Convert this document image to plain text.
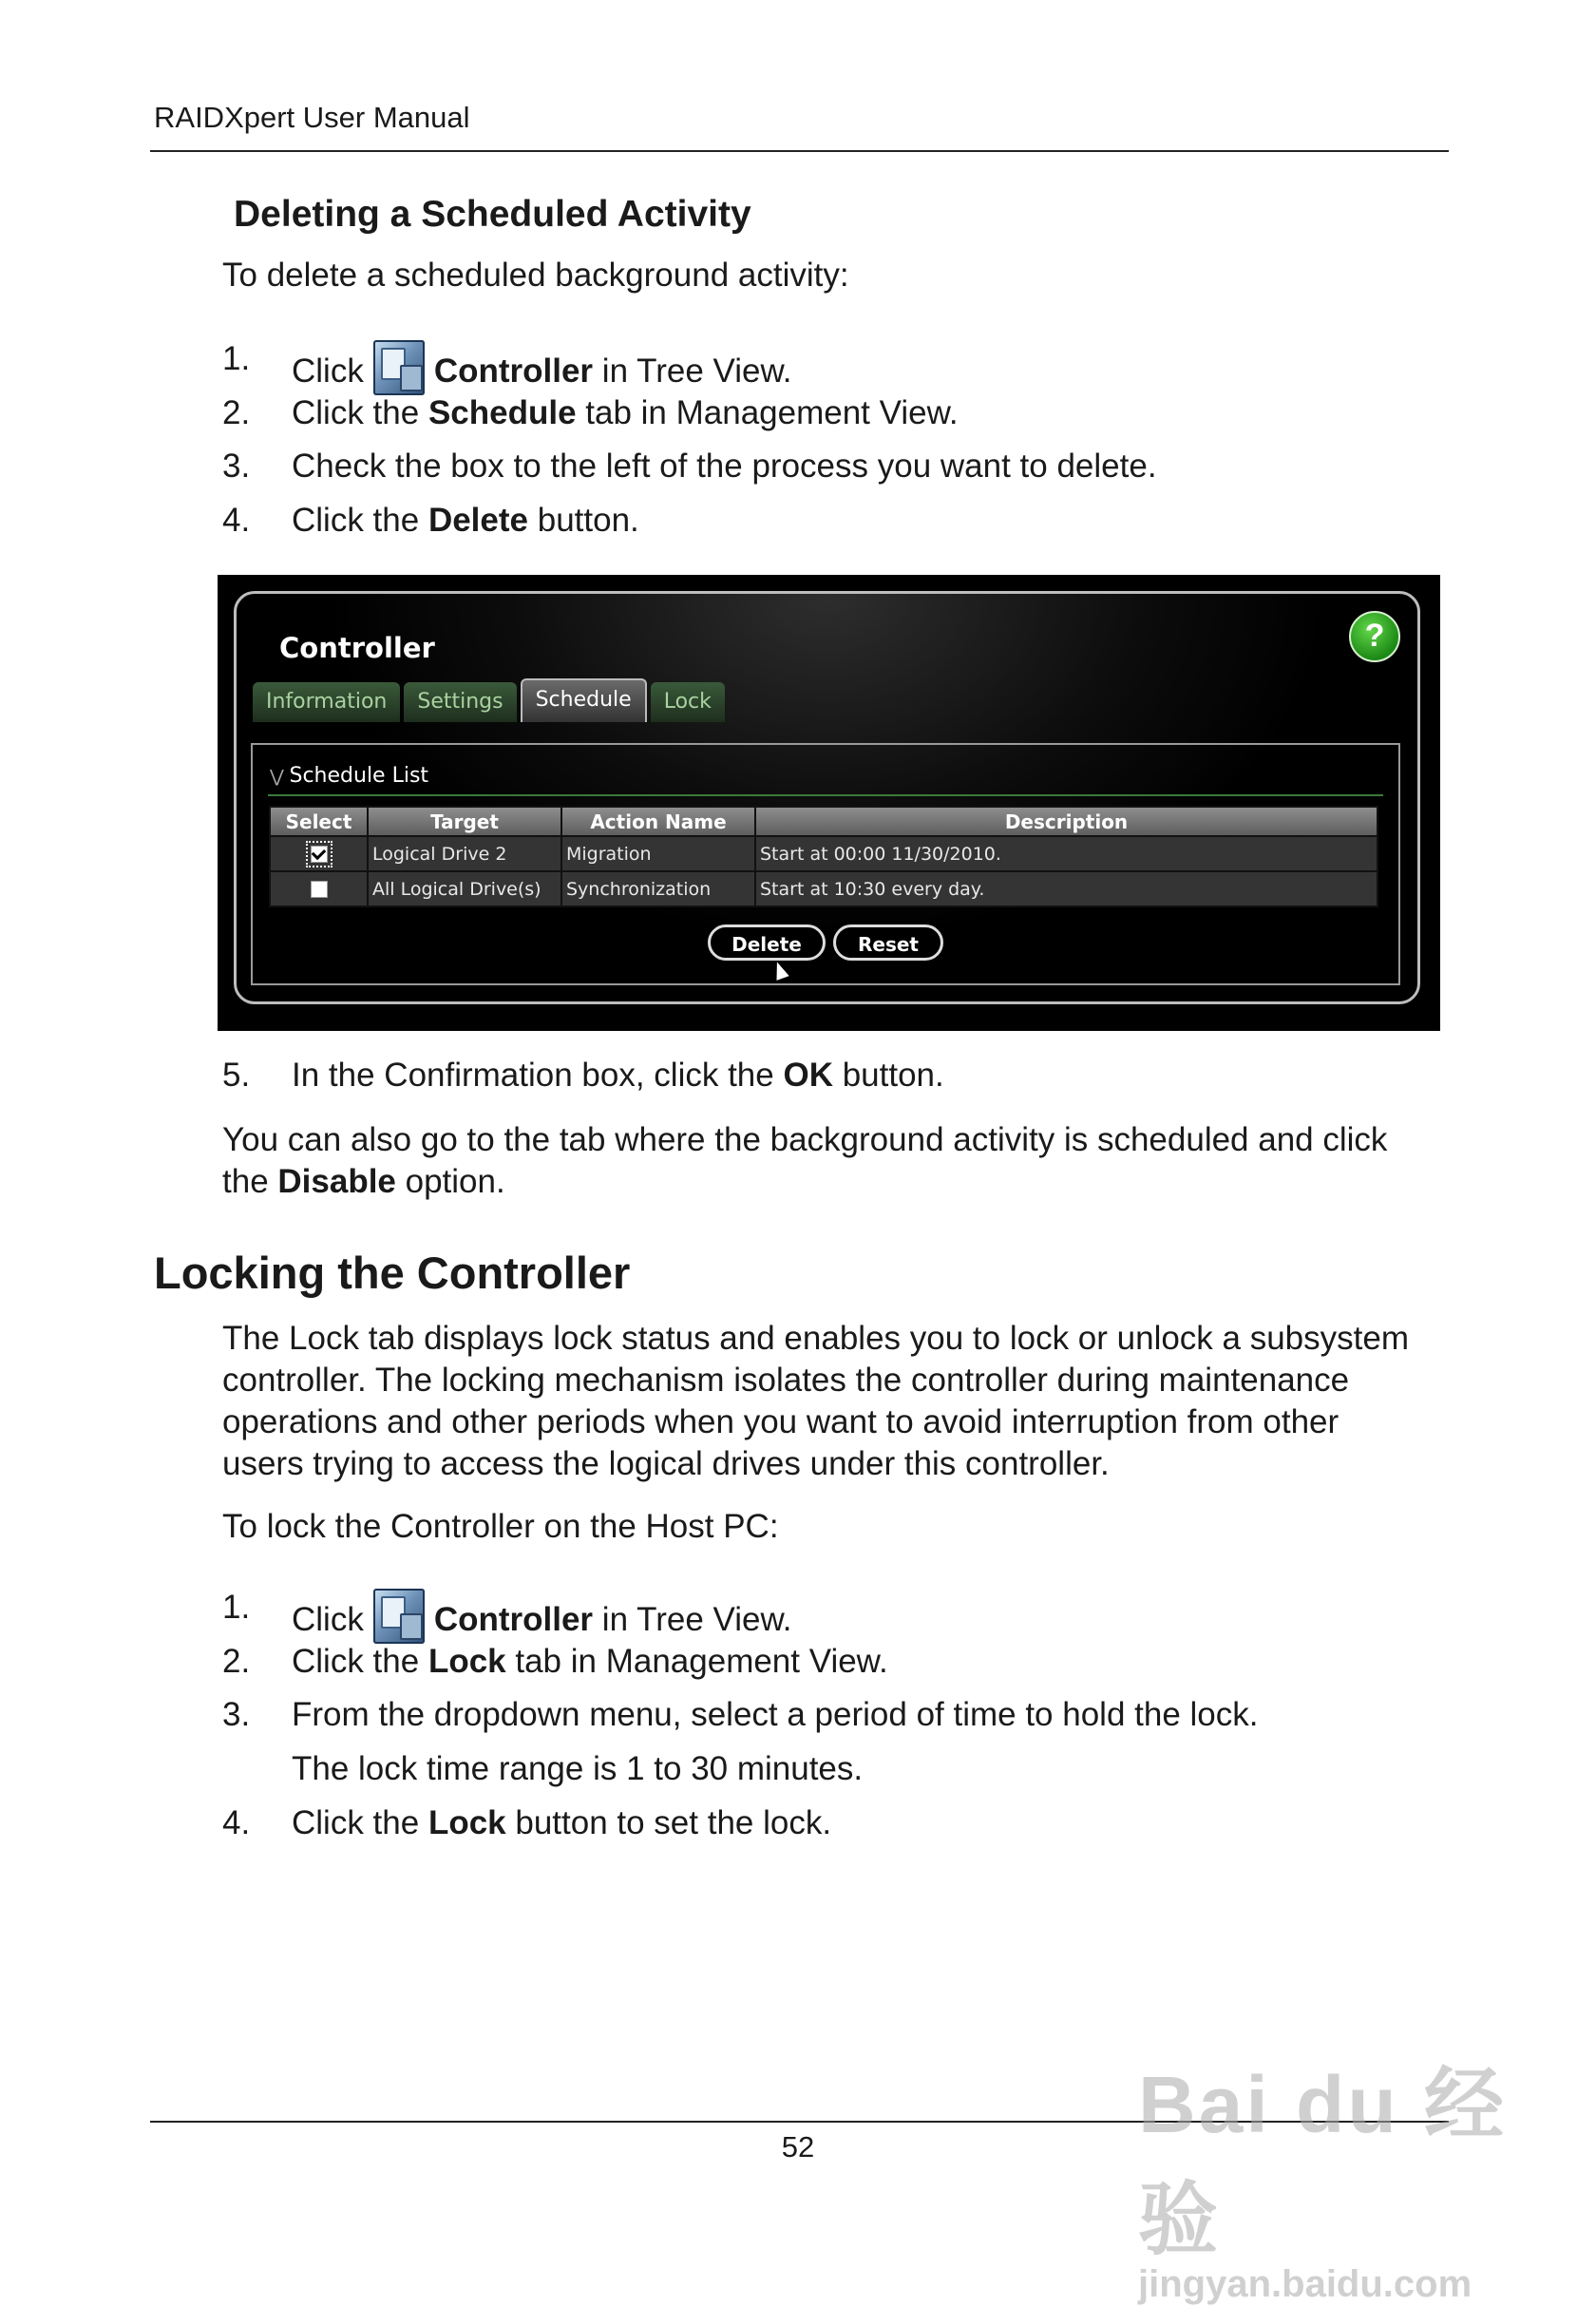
RAIDXpert User Manual
Deleting a Scheduled Activity
To delete a scheduled background activity:
1. Click Controller in Tree View.
2. Click the Schedule tab in Management View.
3. Check the box to the left of the process you want to delete.
4. Click the Delete button.
Controller	?
Information	Settings	Schedule	Lock
⋁︎ Schedule List
Select	Target	Action Name	Description
	Logical Drive 2	Migration	Start at 00:00 11/30/2010.
	All Logical Drive(s)	Synchronization	Start at 10:30 every day.
Delete	Reset
5. In the Confirmation box, click the OK button.
You can also go to the tab where the background activity is scheduled and click
the Disable option.
Locking the Controller
The Lock tab displays lock status and enables you to lock or unlock a subsystem
controller. The locking mechanism isolates the controller during maintenance
operations and other periods when you want to avoid interruption from other
users trying to access the logical drives under this controller.
To lock the Controller on the Host PC:
1. Click Controller in Tree View.
2. Click the Lock tab in Management View.
3. From the dropdown menu, select a period of time to hold the lock.
The lock time range is 1 to 30 minutes.
4. Click the Lock button to set the lock.
52	Bai du 经验
jingyan.baidu.com
